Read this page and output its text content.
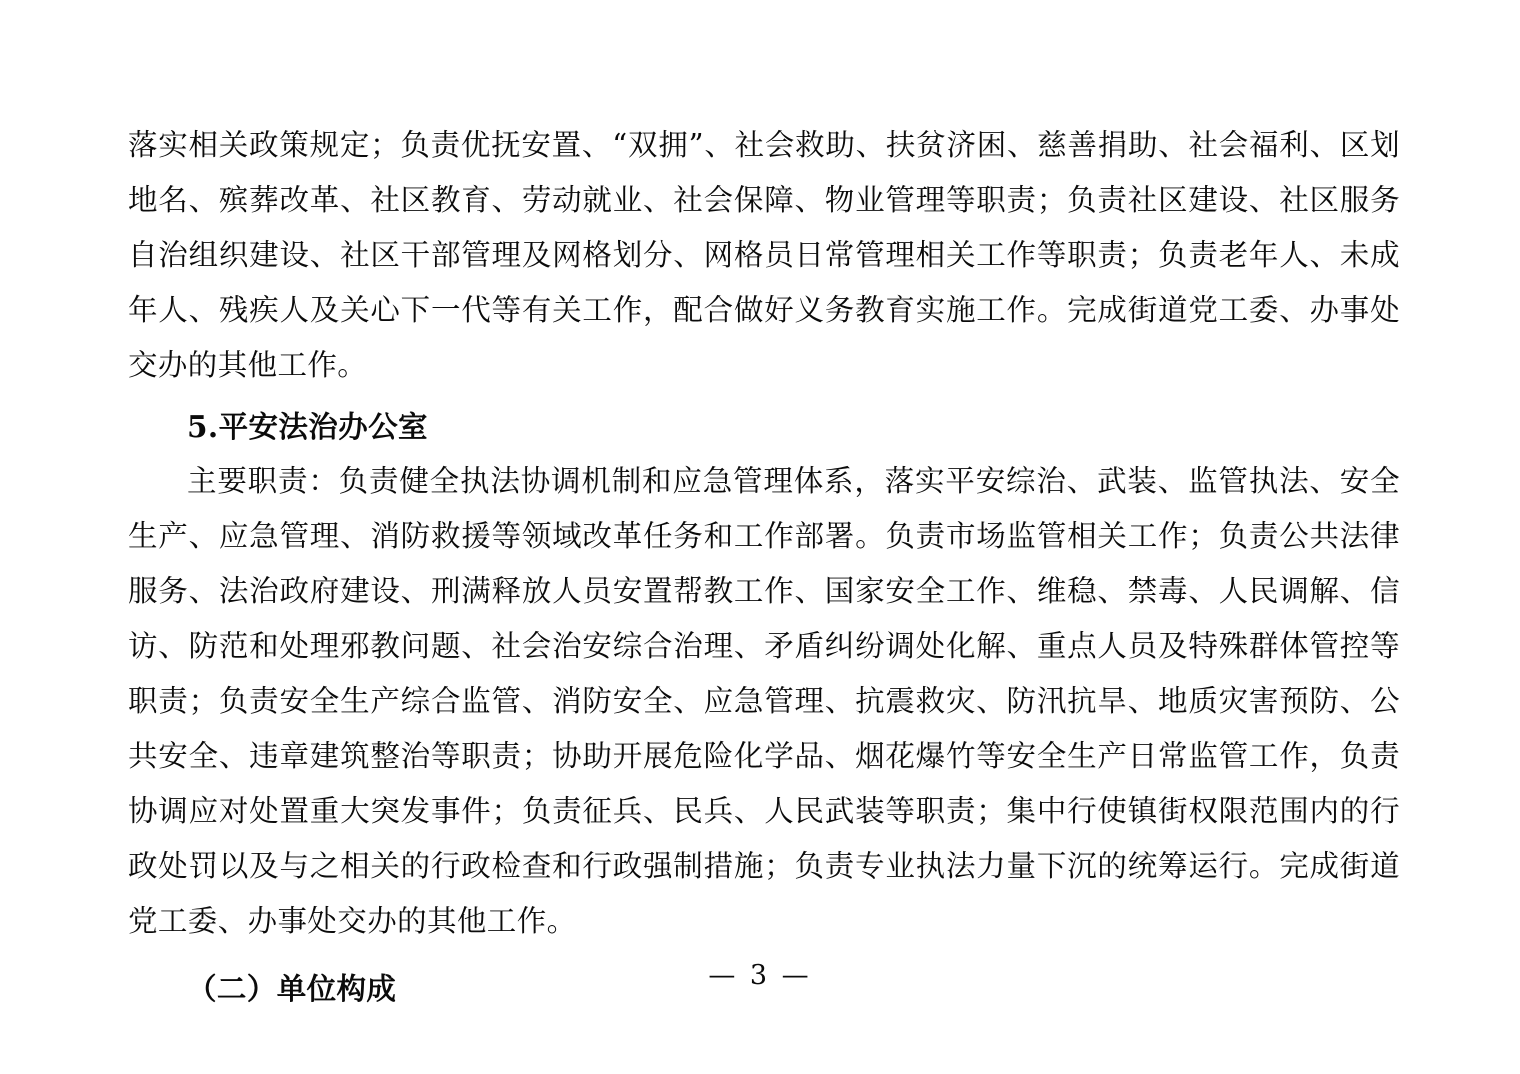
落实相关政策规定；负责优抚安置、“双拥”、社会救助、扶贫济困、慈善捐助、社会福利、区划地名、殡葬改革、社区教育、劳动就业、社会保障、物业管理等职责；负责社区建设、社区服务自治组织建设、社区干部管理及网格划分、网格员日常管理相关工作等职责；负责老年人、未成年人、残疾人及关心下一代等有关工作，配合做好义务教育实施工作。完成街道党工委、办事处交办的其他工作。

5.平安法治办公室

主要职责：负责健全执法协调机制和应急管理体系，落实平安综治、武装、监管执法、安全生产、应急管理、消防救援等领域改革任务和工作部署。负责市场监管相关工作；负责公共法律服务、法治政府建设、刑满释放人员安置帮教工作、国家安全工作、维稳、禁毒、人民调解、信访、防范和处理邪教问题、社会治安综合治理、矛盾纠纷调处化解、重点人员及特殊群体管控等职责；负责安全生产综合监管、消防安全、应急管理、抗震救灾、防汛抗旱、地质灾害预防、公共安全、违章建筑整治等职责；协助开展危险化学品、烟花爆竹等安全生产日常监管工作，负责协调应对处置重大突发事件；负责征兵、民兵、人民武装等职责；集中行使镇街权限范围内的行政处罚以及与之相关的行政检查和行政强制措施；负责专业执法力量下沉的统筹运行。完成街道党工委、办事处交办的其他工作。

（二）单位构成	— 3 —
